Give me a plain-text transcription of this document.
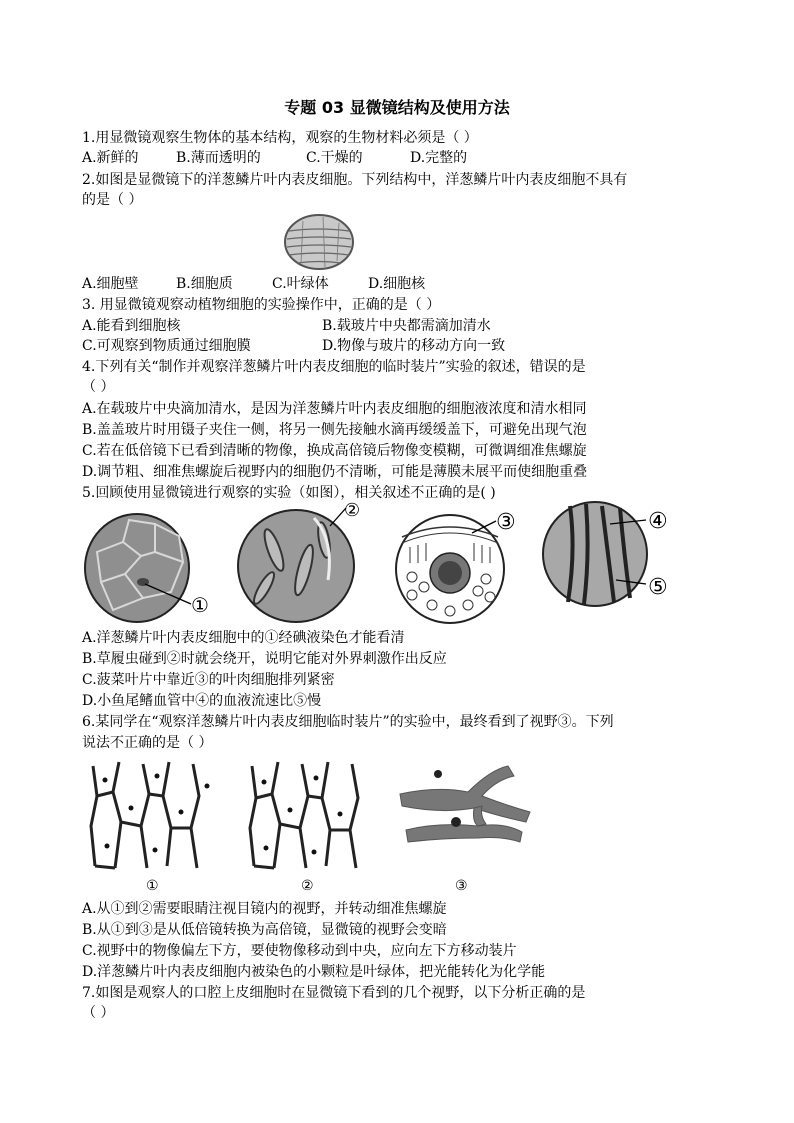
专题 03 显微镜结构及使用方法
1.用显微镜观察生物体的基本结构，观察的生物材料必须是（ ）
A.新鲜的	B.薄而透明的	C.干燥的	D.完整的
2.如图是显微镜下的洋葱鳞片叶内表皮细胞。下列结构中，洋葱鳞片叶内表皮细胞不具有
的是（ ）
A.细胞壁	B.细胞质	C.叶绿体	D.细胞核
3. 用显微镜观察动植物细胞的实验操作中，正确的是（ ）
A.能看到细胞核	B.载玻片中央都需滴加清水
C.可观察到物质通过细胞膜	D.物像与玻片的移动方向一致
4.下列有关“制作并观察洋葱鳞片叶内表皮细胞的临时装片”实验的叙述，错误的是
（ ）
A.在载玻片中央滴加清水，是因为洋葱鳞片叶内表皮细胞的细胞液浓度和清水相同
B.盖盖玻片时用镊子夹住一侧，将另一侧先接触水滴再缓缓盖下，可避免出现气泡
C.若在低倍镜下已看到清晰的物像，换成高倍镜后物像变模糊，可微调细准焦螺旋
D.调节粗、细准焦螺旋后视野内的细胞仍不清晰，可能是薄膜未展平而使细胞重叠
5.回顾使用显微镜进行观察的实验（如图），相关叙述不正确的是( )
①
②	③	④
⑤
A.洋葱鳞片叶内表皮细胞中的①经碘液染色才能看清
B.草履虫碰到②时就会绕开，说明它能对外界刺激作出反应
C.菠菜叶片中靠近③的叶肉细胞排列紧密
D.小鱼尾鳍血管中④的血液流速比⑤慢
6.某同学在“观察洋葱鳞片叶内表皮细胞临时装片”的实验中，最终看到了视野③。下列
说法不正确的是（ ）
①	②	③
A.从①到②需要眼睛注视目镜内的视野，并转动细准焦螺旋
B.从①到③是从低倍镜转换为高倍镜，显微镜的视野会变暗
C.视野中的物像偏左下方，要使物像移动到中央，应向左下方移动装片
D.洋葱鳞片叶内表皮细胞内被染色的小颗粒是叶绿体，把光能转化为化学能
7.如图是观察人的口腔上皮细胞时在显微镜下看到的几个视野，以下分析正确的是
（ ）
